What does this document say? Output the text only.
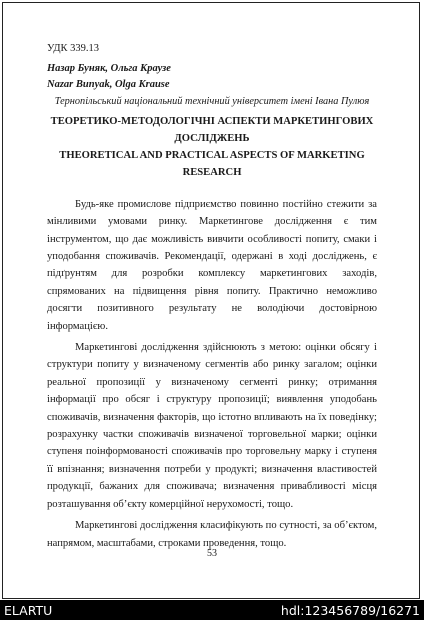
УДК 339.13
Назар Буняк, Ольга Краузе
Nazar Bunyak, Olga Krause
Тернопільський національний технічний університет імені Івана Пулюя
ТЕОРЕТИКО-МЕТОДОЛОГІЧНІ АСПЕКТИ МАРКЕТИНГОВИХ ДОСЛІДЖЕНЬ
THEORETICAL AND PRACTICAL ASPECTS OF MARKETING RESEARCH

Будь-яке промислове підприємство повинно постійно стежити за мінливими умовами ринку. Маркетингове дослідження є тим інструментом, що дає можливість вивчити особливості попиту, смаки і уподобання споживачів. Рекомендації, одержані в ході досліджень, є підґрунтям для розробки комплексу маркетингових заходів, спрямованих на підвищення рівня попиту. Практично неможливо досягти позитивного результату не володіючи достовірною інформацією.

Маркетингові дослідження здійснюють з метою: оцінки обсягу і структури попиту у визначеному сегментів або ринку загалом; оцінки реальної пропозиції у визначеному сегменті ринку; отримання інформації про обсяг і структуру пропозиції; виявлення уподобань споживачів, визначення факторів, що істотно впливають на їх поведінку; розрахунку частки споживачів визначеної торговельної марки; оцінки ступеня поінформованості споживачів про торговельну марку і ступеня її впізнання; визначення потреби у продукті; визначення властивостей продукції, бажаних для споживача; визначення привабливості місця розташування об’єкту комерційної нерухомості, тощо.

Маркетингові дослідження класифікують по сутності, за об’єктом, напрямом, масштабами, строками проведення, тощо.

53
ELARTU	hdl:123456789/16271
